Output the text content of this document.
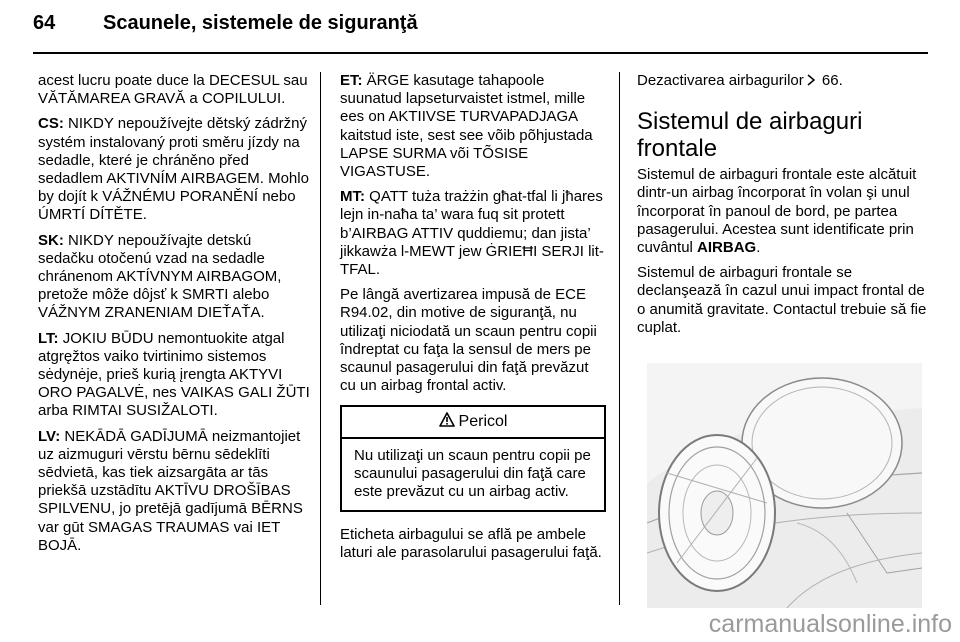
64 Scaunele, sistemele de siguranţă

acest lucru poate duce la DECESUL sau VĂTĂMAREA GRAVĂ a COPILULUI.

CS: NIKDY nepoužívejte dětský zádržný systém instalovaný proti směru jízdy na sedadle, které je chráněno před sedadlem AKTIVNÍM AIRBAGEM. Mohlo by dojít k VÁŽNÉMU PORANĚNÍ nebo ÚMRTÍ DÍTĚTE.

SK: NIKDY nepoužívajte detskú sedačku otočenú vzad na sedadle chránenom AKTÍVNYM AIRBAGOM, pretože môže dôjsť k SMRTI alebo VÁŽNYM ZRANENIAM DIEŤAŤA.

LT: JOKIU BŪDU nemontuokite atgal atgręžtos vaiko tvirtinimo sistemos sėdynėje, prieš kurią įrengta AKTYVI ORO PAGALVĖ, nes VAIKAS GALI ŽŪTI arba RIMTAI SUSIŽALOTI.

LV: NEKĀDĀ GADĪJUMĀ neizmantojiet uz aizmuguri vērstu bērnu sēdeklīti sēdvietā, kas tiek aizsargāta ar tās priekšā uzstādītu AKTĪVU DROŠĪBAS SPILVENU, jo pretējā gadījumā BĒRNS var gūt SMAGAS TRAUMAS vai IET BOJĀ.

ET: ÄRGE kasutage tahapoole suunatud lapseturvaistet istmel, mille ees on AKTIIVSE TURVAPADJAGA kaitstud iste, sest see võib põhjustada LAPSE SURMA või TÕSISE VIGASTUSE.

MT: QATT tuża trażżin għat-tfal li jħares lejn in-naħa ta’ wara fuq sit protett b’AIRBAG ATTIV quddiemu; dan jista’ jikkawża l-MEWT jew ĠRIEĦI SERJI lit-TFAL.

Pe lângă avertizarea impusă de ECE R94.02, din motive de siguranţă, nu utilizaţi niciodată un scaun pentru copii îndreptat cu faţa la sensul de mers pe scaunul pasagerului din faţă prevăzut cu un airbag frontal activ.

Pericol
Nu utilizaţi un scaun pentru copii pe scaunului pasagerului din faţă care este prevăzut cu un airbag activ.

Eticheta airbagului se află pe ambele laturi ale parasolarului pasagerului faţă.

Dezactivarea airbagurilor 66.

Sistemul de airbaguri frontale

Sistemul de airbaguri frontale este alcătuit dintr-un airbag încorporat în volan şi unul încorporat în panoul de bord, pe partea pasagerului. Acestea sunt identificate prin cuvântul AIRBAG.

Sistemul de airbaguri frontale se declanşează în cazul unui impact frontal de o anumită gravitate. Contactul trebuie să fie cuplat.

carmanualsonline.info
